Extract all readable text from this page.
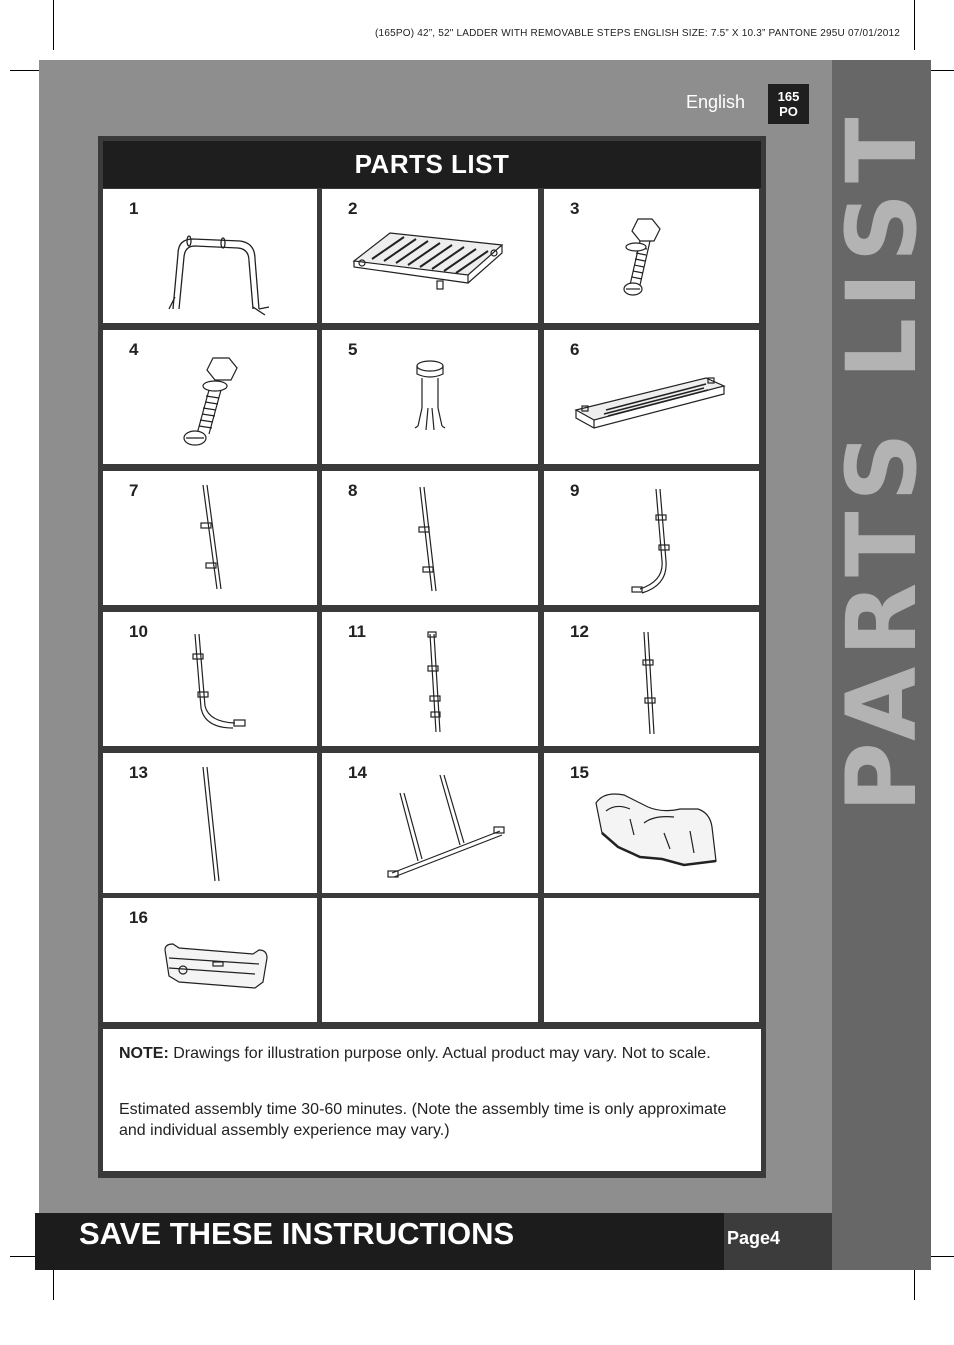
(165PO) 42”, 52" LADDER WITH REMOVABLE STEPS ENGLISH SIZE: 7.5” X 10.3” PANTONE 295U 07/01/2012
PARTS LIST
English	165
PO
PARTS LIST
1	2	3
4	5	6
7	8	9
10	11	12
13	14	15
16

NOTE: Drawings for illustration purpose only. Actual product may vary. Not to scale.

Estimated assembly time 30-60 minutes. (Note the assembly time is only approximate and individual assembly experience may vary.)

SAVE THESE INSTRUCTIONS	Page4
